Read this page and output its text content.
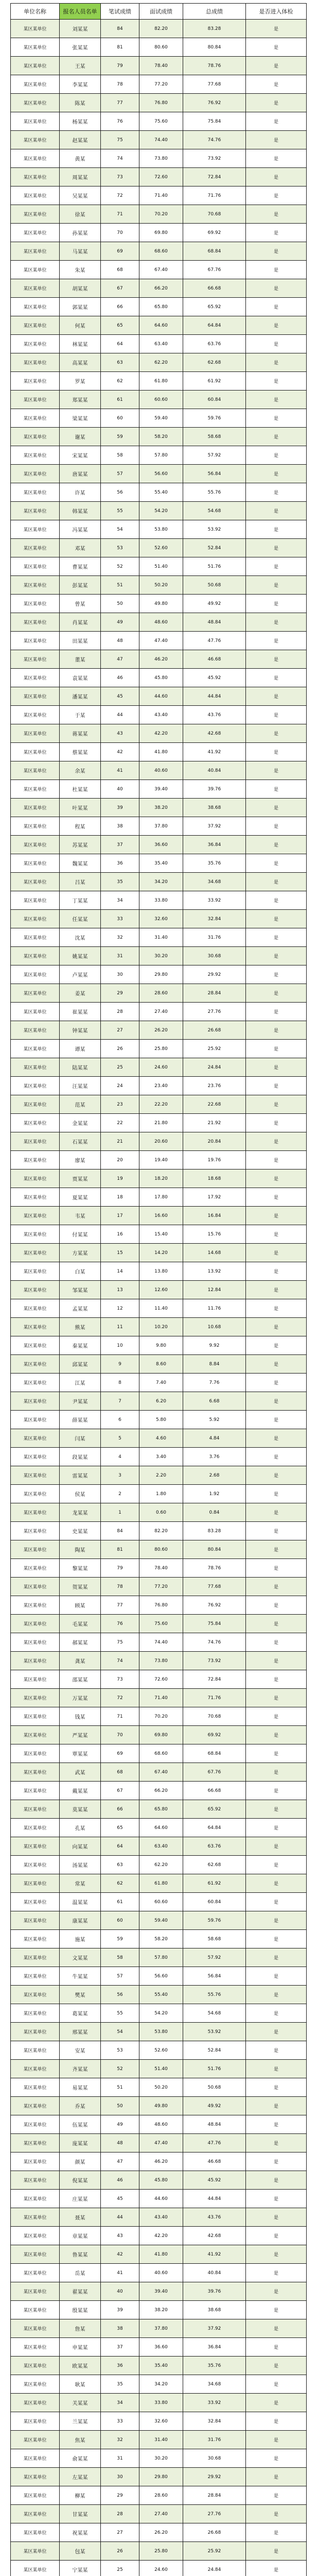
单位名称	报名人员名单	笔试成绩	面试成绩	总成绩	是否进入体检
某区某单位	刘某某	84	82.20	83.28	是
某区某单位	张某某	81	80.60	80.84	是
某区某单位	王某	79	78.40	78.76	是
某区某单位	李某某	78	77.20	77.68	是
某区某单位	陈某	77	76.80	76.92	是
某区某单位	杨某某	76	75.60	75.84	是
某区某单位	赵某某	75	74.40	74.76	是
某区某单位	黄某	74	73.80	73.92	是
某区某单位	周某某	73	72.60	72.84	是
某区某单位	吴某某	72	71.40	71.76	是
某区某单位	徐某	71	70.20	70.68	是
某区某单位	孙某某	70	69.80	69.92	是
某区某单位	马某某	69	68.60	68.84	是
某区某单位	朱某	68	67.40	67.76	是
某区某单位	胡某某	67	66.20	66.68	是
某区某单位	郭某某	66	65.80	65.92	是
某区某单位	何某	65	64.60	64.84	是
某区某单位	林某某	64	63.40	63.76	是
某区某单位	高某某	63	62.20	62.68	是
某区某单位	罗某	62	61.80	61.92	是
某区某单位	郑某某	61	60.60	60.84	是
某区某单位	梁某某	60	59.40	59.76	是
某区某单位	谢某	59	58.20	58.68	是
某区某单位	宋某某	58	57.80	57.92	是
某区某单位	唐某某	57	56.60	56.84	是
某区某单位	许某	56	55.40	55.76	是
某区某单位	韩某某	55	54.20	54.68	是
某区某单位	冯某某	54	53.80	53.92	是
某区某单位	邓某	53	52.60	52.84	是
某区某单位	曹某某	52	51.40	51.76	是
某区某单位	彭某某	51	50.20	50.68	是
某区某单位	曾某	50	49.80	49.92	是
某区某单位	肖某某	49	48.60	48.84	是
某区某单位	田某某	48	47.40	47.76	是
某区某单位	董某	47	46.20	46.68	是
某区某单位	袁某某	46	45.80	45.92	是
某区某单位	潘某某	45	44.60	44.84	是
某区某单位	于某	44	43.40	43.76	是
某区某单位	蒋某某	43	42.20	42.68	是
某区某单位	蔡某某	42	41.80	41.92	是
某区某单位	余某	41	40.60	40.84	是
某区某单位	杜某某	40	39.40	39.76	是
某区某单位	叶某某	39	38.20	38.68	是
某区某单位	程某	38	37.80	37.92	是
某区某单位	苏某某	37	36.60	36.84	是
某区某单位	魏某某	36	35.40	35.76	是
某区某单位	吕某	35	34.20	34.68	是
某区某单位	丁某某	34	33.80	33.92	是
某区某单位	任某某	33	32.60	32.84	是
某区某单位	沈某	32	31.40	31.76	是
某区某单位	姚某某	31	30.20	30.68	是
某区某单位	卢某某	30	29.80	29.92	是
某区某单位	姜某	29	28.60	28.84	是
某区某单位	崔某某	28	27.40	27.76	是
某区某单位	钟某某	27	26.20	26.68	是
某区某单位	谭某	26	25.80	25.92	是
某区某单位	陆某某	25	24.60	24.84	是
某区某单位	汪某某	24	23.40	23.76	是
某区某单位	范某	23	22.20	22.68	是
某区某单位	金某某	22	21.80	21.92	是
某区某单位	石某某	21	20.60	20.84	是
某区某单位	廖某	20	19.40	19.76	是
某区某单位	贾某某	19	18.20	18.68	是
某区某单位	夏某某	18	17.80	17.92	是
某区某单位	韦某	17	16.60	16.84	是
某区某单位	付某某	16	15.40	15.76	是
某区某单位	方某某	15	14.20	14.68	是
某区某单位	白某	14	13.80	13.92	是
某区某单位	邹某某	13	12.60	12.84	是
某区某单位	孟某某	12	11.40	11.76	是
某区某单位	熊某	11	10.20	10.68	是
某区某单位	秦某某	10	9.80	9.92	是
某区某单位	邱某某	9	8.60	8.84	是
某区某单位	江某	8	7.40	7.76	是
某区某单位	尹某某	7	6.20	6.68	是
某区某单位	薛某某	6	5.80	5.92	是
某区某单位	闫某	5	4.60	4.84	是
某区某单位	段某某	4	3.40	3.76	是
某区某单位	雷某某	3	2.20	2.68	是
某区某单位	侯某	2	1.80	1.92	是
某区某单位	龙某某	1	0.60	0.84	是
某区某单位	史某某	84	82.20	83.28	是
某区某单位	陶某	81	80.60	80.84	是
某区某单位	黎某某	79	78.40	78.76	是
某区某单位	贺某某	78	77.20	77.68	是
某区某单位	顾某	77	76.80	76.92	是
某区某单位	毛某某	76	75.60	75.84	是
某区某单位	郝某某	75	74.40	74.76	是
某区某单位	龚某	74	73.80	73.92	是
某区某单位	邵某某	73	72.60	72.84	是
某区某单位	万某某	72	71.40	71.76	是
某区某单位	钱某	71	70.20	70.68	是
某区某单位	严某某	70	69.80	69.92	是
某区某单位	覃某某	69	68.60	68.84	是
某区某单位	武某	68	67.40	67.76	是
某区某单位	戴某某	67	66.20	66.68	是
某区某单位	莫某某	66	65.80	65.92	是
某区某单位	孔某	65	64.60	64.84	是
某区某单位	向某某	64	63.40	63.76	是
某区某单位	汤某某	63	62.20	62.68	是
某区某单位	常某	62	61.80	61.92	是
某区某单位	温某某	61	60.60	60.84	是
某区某单位	康某某	60	59.40	59.76	是
某区某单位	施某	59	58.20	58.68	是
某区某单位	文某某	58	57.80	57.92	是
某区某单位	牛某某	57	56.60	56.84	是
某区某单位	樊某	56	55.40	55.76	是
某区某单位	葛某某	55	54.20	54.68	是
某区某单位	邢某某	54	53.80	53.92	是
某区某单位	安某	53	52.60	52.84	是
某区某单位	齐某某	52	51.40	51.76	是
某区某单位	易某某	51	50.20	50.68	是
某区某单位	乔某	50	49.80	49.92	是
某区某单位	伍某某	49	48.60	48.84	是
某区某单位	庞某某	48	47.40	47.76	是
某区某单位	颜某	47	46.20	46.68	是
某区某单位	倪某某	46	45.80	45.92	是
某区某单位	庄某某	45	44.60	44.84	是
某区某单位	聂某	44	43.40	43.76	是
某区某单位	章某某	43	42.20	42.68	是
某区某单位	鲁某某	42	41.80	41.92	是
某区某单位	岳某	41	40.60	40.84	是
某区某单位	翟某某	40	39.40	39.76	是
某区某单位	殷某某	39	38.20	38.68	是
某区某单位	詹某	38	37.80	37.92	是
某区某单位	申某某	37	36.60	36.84	是
某区某单位	欧某某	36	35.40	35.76	是
某区某单位	耿某	35	34.20	34.68	是
某区某单位	关某某	34	33.80	33.92	是
某区某单位	兰某某	33	32.60	32.84	是
某区某单位	焦某	32	31.40	31.76	是
某区某单位	俞某某	31	30.20	30.68	是
某区某单位	左某某	30	29.80	29.92	是
某区某单位	柳某	29	28.60	28.84	是
某区某单位	甘某某	28	27.40	27.76	是
某区某单位	祝某某	27	26.20	26.68	是
某区某单位	包某	26	25.80	25.92	是
某区某单位	宁某某	25	24.60	24.84	是
